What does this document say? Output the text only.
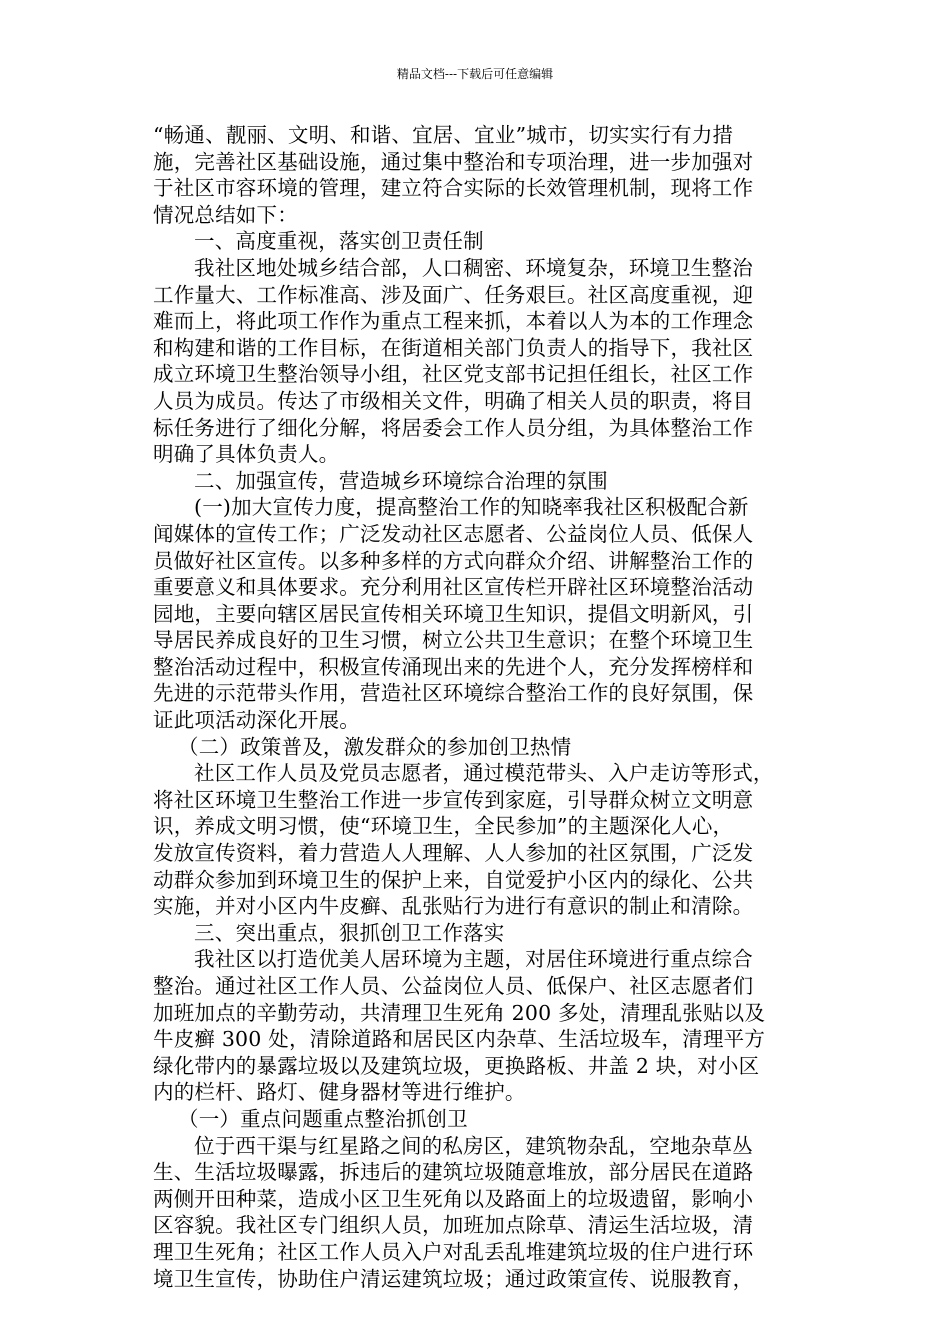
精品文档---下载后可任意编辑
“畅通、靓丽、文明、和谐、宜居、宜业”城市，切实实行有力措
施，完善社区基础设施，通过集中整治和专项治理，进一步加强对
于社区市容环境的管理，建立符合实际的长效管理机制，现将工作
情况总结如下：
一、高度重视，落实创卫责任制
我社区地处城乡结合部，人口稠密、环境复杂，环境卫生整治
工作量大、工作标准高、涉及面广、任务艰巨。社区高度重视，迎
难而上，将此项工作作为重点工程来抓，本着以人为本的工作理念
和构建和谐的工作目标，在街道相关部门负责人的指导下，我社区
成立环境卫生整治领导小组，社区党支部书记担任组长，社区工作
人员为成员。传达了市级相关文件，明确了相关人员的职责，将目
标任务进行了细化分解，将居委会工作人员分组，为具体整治工作
明确了具体负责人。
二、加强宣传，营造城乡环境综合治理的氛围
(一)加大宣传力度，提高整治工作的知晓率我社区积极配合新
闻媒体的宣传工作；广泛发动社区志愿者、公益岗位人员、低保人
员做好社区宣传。以多种多样的方式向群众介绍、讲解整治工作的
重要意义和具体要求。充分利用社区宣传栏开辟社区环境整治活动
园地，主要向辖区居民宣传相关环境卫生知识，提倡文明新风，引
导居民养成良好的卫生习惯，树立公共卫生意识；在整个环境卫生
整治活动过程中，积极宣传涌现出来的先进个人，充分发挥榜样和
先进的示范带头作用，营造社区环境综合整治工作的良好氛围，保
证此项活动深化开展。
（二）政策普及，激发群众的参加创卫热情
社区工作人员及党员志愿者，通过模范带头、入户走访等形式，
将社区环境卫生整治工作进一步宣传到家庭，引导群众树立文明意
识，养成文明习惯，使“环境卫生，全民参加”的主题深化人心，
发放宣传资料，着力营造人人理解、人人参加的社区氛围，广泛发
动群众参加到环境卫生的保护上来，自觉爱护小区内的绿化、公共
实施，并对小区内牛皮癣、乱张贴行为进行有意识的制止和清除。
三、突出重点，狠抓创卫工作落实
我社区以打造优美人居环境为主题，对居住环境进行重点综合
整治。通过社区工作人员、公益岗位人员、低保户、社区志愿者们
加班加点的辛勤劳动，共清理卫生死角 200 多处，清理乱张贴以及
牛皮癣 300 处，清除道路和居民区内杂草、生活垃圾车，清理平方
绿化带内的暴露垃圾以及建筑垃圾，更换路板、井盖 2 块，对小区
内的栏杆、路灯、健身器材等进行维护。
（一）重点问题重点整治抓创卫
位于西干渠与红星路之间的私房区，建筑物杂乱，空地杂草丛
生、生活垃圾曝露，拆违后的建筑垃圾随意堆放，部分居民在道路
两侧开田种菜，造成小区卫生死角以及路面上的垃圾遗留，影响小
区容貌。我社区专门组织人员，加班加点除草、清运生活垃圾，清
理卫生死角；社区工作人员入户对乱丢乱堆建筑垃圾的住户进行环
境卫生宣传，协助住户清运建筑垃圾；通过政策宣传、说服教育，
